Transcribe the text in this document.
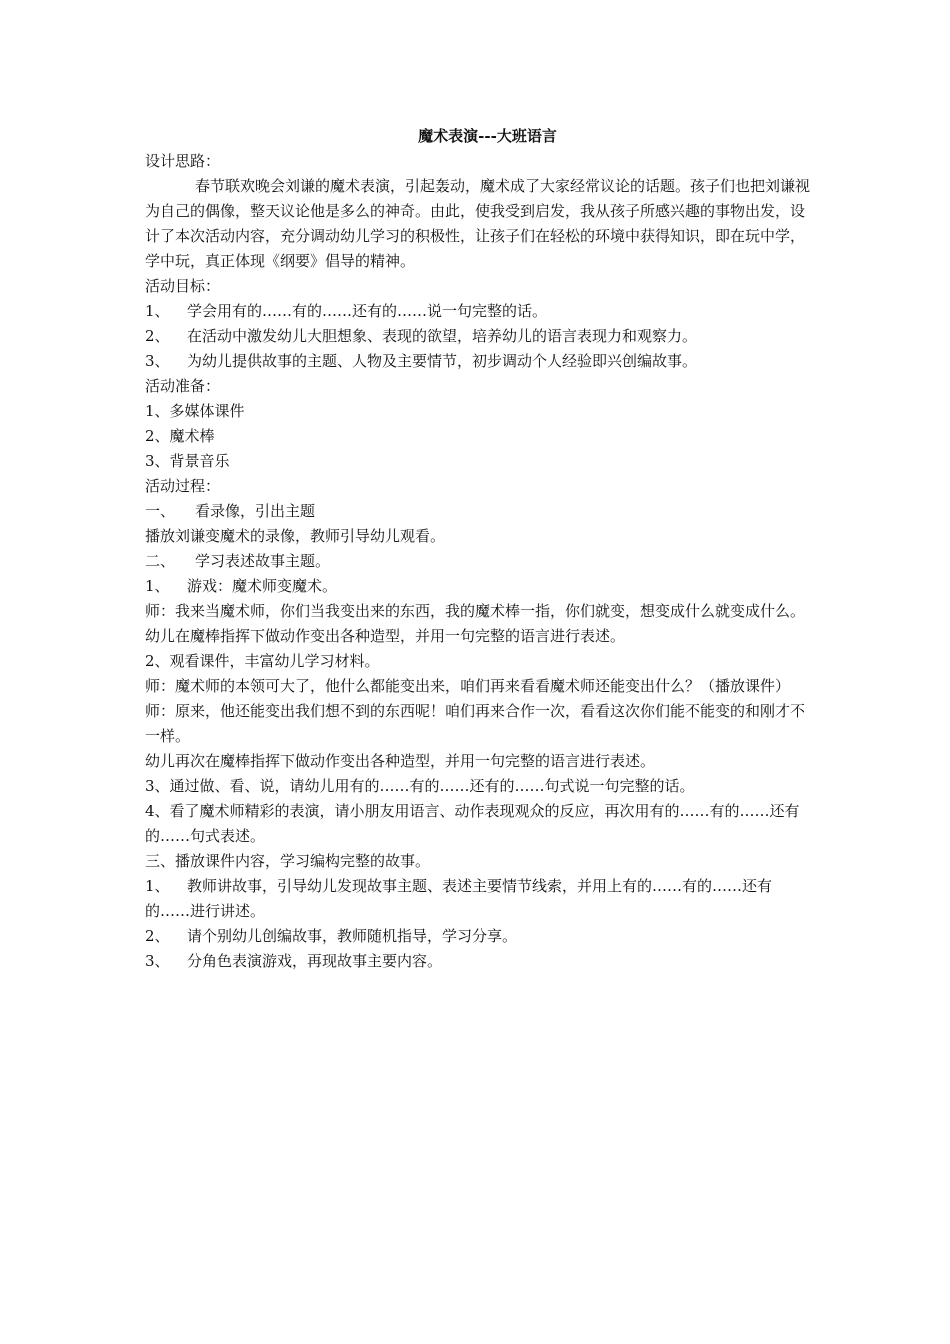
魔术表演---大班语言

设计思路：

春节联欢晚会刘谦的魔术表演，引起轰动，魔术成了大家经常议论的话题。孩子们也把刘谦视为自己的偶像，整天议论他是多么的神奇。由此，使我受到启发，我从孩子所感兴趣的事物出发，设计了本次活动内容，充分调动幼儿学习的积极性，让孩子们在轻松的环境中获得知识，即在玩中学，学中玩，真正体现《纲要》倡导的精神。

活动目标：

1、 学会用有的……有的……还有的……说一句完整的话。

2、 在活动中激发幼儿大胆想象、表现的欲望，培养幼儿的语言表现力和观察力。

3、 为幼儿提供故事的主题、人物及主要情节，初步调动个人经验即兴创编故事。

活动准备：

1、多媒体课件

2、魔术棒

3、背景音乐

活动过程：

一、 看录像，引出主题

播放刘谦变魔术的录像，教师引导幼儿观看。

二、 学习表述故事主题。

1、 游戏：魔术师变魔术。

师：我来当魔术师，你们当我变出来的东西，我的魔术棒一指，你们就变，想变成什么就变成什么。

幼儿在魔棒指挥下做动作变出各种造型，并用一句完整的语言进行表述。

2、观看课件，丰富幼儿学习材料。

师：魔术师的本领可大了，他什么都能变出来，咱们再来看看魔术师还能变出什么？（播放课件）

师：原来，他还能变出我们想不到的东西呢！咱们再来合作一次，看看这次你们能不能变的和刚才不一样。

幼儿再次在魔棒指挥下做动作变出各种造型，并用一句完整的语言进行表述。

3、通过做、看、说，请幼儿用有的……有的……还有的……句式说一句完整的话。

4、看了魔术师精彩的表演，请小朋友用语言、动作表现观众的反应，再次用有的……有的……还有的……句式表述。

三、播放课件内容，学习编构完整的故事。

1、 教师讲故事，引导幼儿发现故事主题、表述主要情节线索，并用上有的……有的……还有的……进行讲述。

2、 请个别幼儿创编故事，教师随机指导，学习分享。

3、 分角色表演游戏，再现故事主要内容。
